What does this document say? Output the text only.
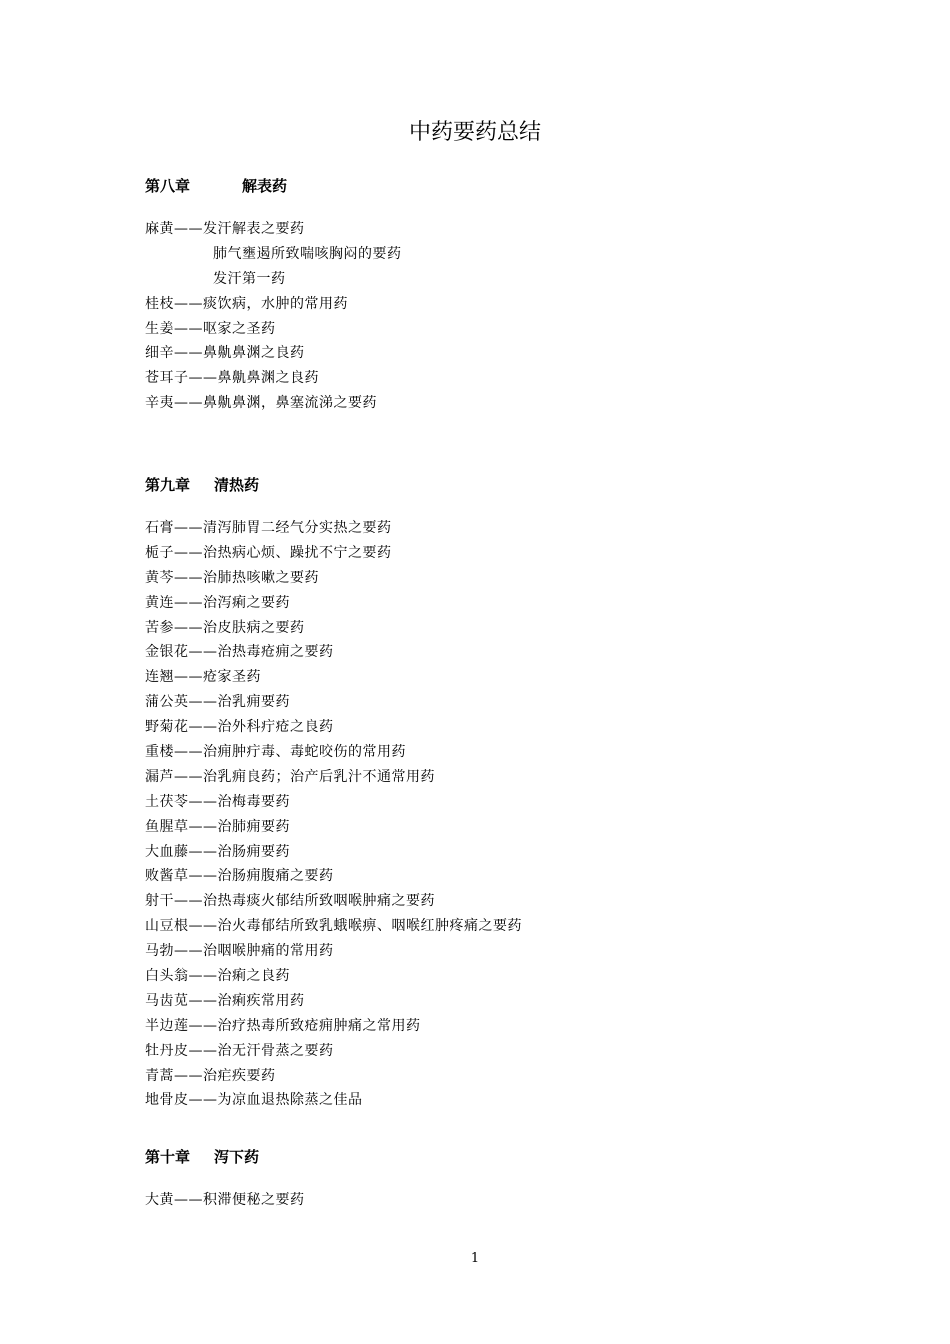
中药要药总结
第八章	解表药
麻黄——发汗解表之要药
肺气壅遏所致喘咳胸闷的要药
发汗第一药
桂枝——痰饮病，水肿的常用药
生姜——呕家之圣药
细辛——鼻鼽鼻渊之良药
苍耳子——鼻鼽鼻渊之良药
辛夷——鼻鼽鼻渊，鼻塞流涕之要药
第九章 清热药
石膏——清泻肺胃二经气分实热之要药
栀子——治热病心烦、躁扰不宁之要药
黄芩——治肺热咳嗽之要药
黄连——治泻痢之要药
苦参——治皮肤病之要药
金银花——治热毒疮痈之要药
连翘——疮家圣药
蒲公英——治乳痈要药
野菊花——治外科疔疮之良药
重楼——治痈肿疔毒、毒蛇咬伤的常用药
漏芦——治乳痈良药；治产后乳汁不通常用药
土茯苓——治梅毒要药
鱼腥草——治肺痈要药
大血藤——治肠痈要药
败酱草——治肠痈腹痛之要药
射干——治热毒痰火郁结所致咽喉肿痛之要药
山豆根——治火毒郁结所致乳蛾喉痹、咽喉红肿疼痛之要药
马勃——治咽喉肿痛的常用药
白头翁——治痢之良药
马齿苋——治痢疾常用药
半边莲——治疗热毒所致疮痈肿痛之常用药
牡丹皮——治无汗骨蒸之要药
青蒿——治疟疾要药
地骨皮——为凉血退热除蒸之佳品
第十章 泻下药
大黄——积滞便秘之要药
1
